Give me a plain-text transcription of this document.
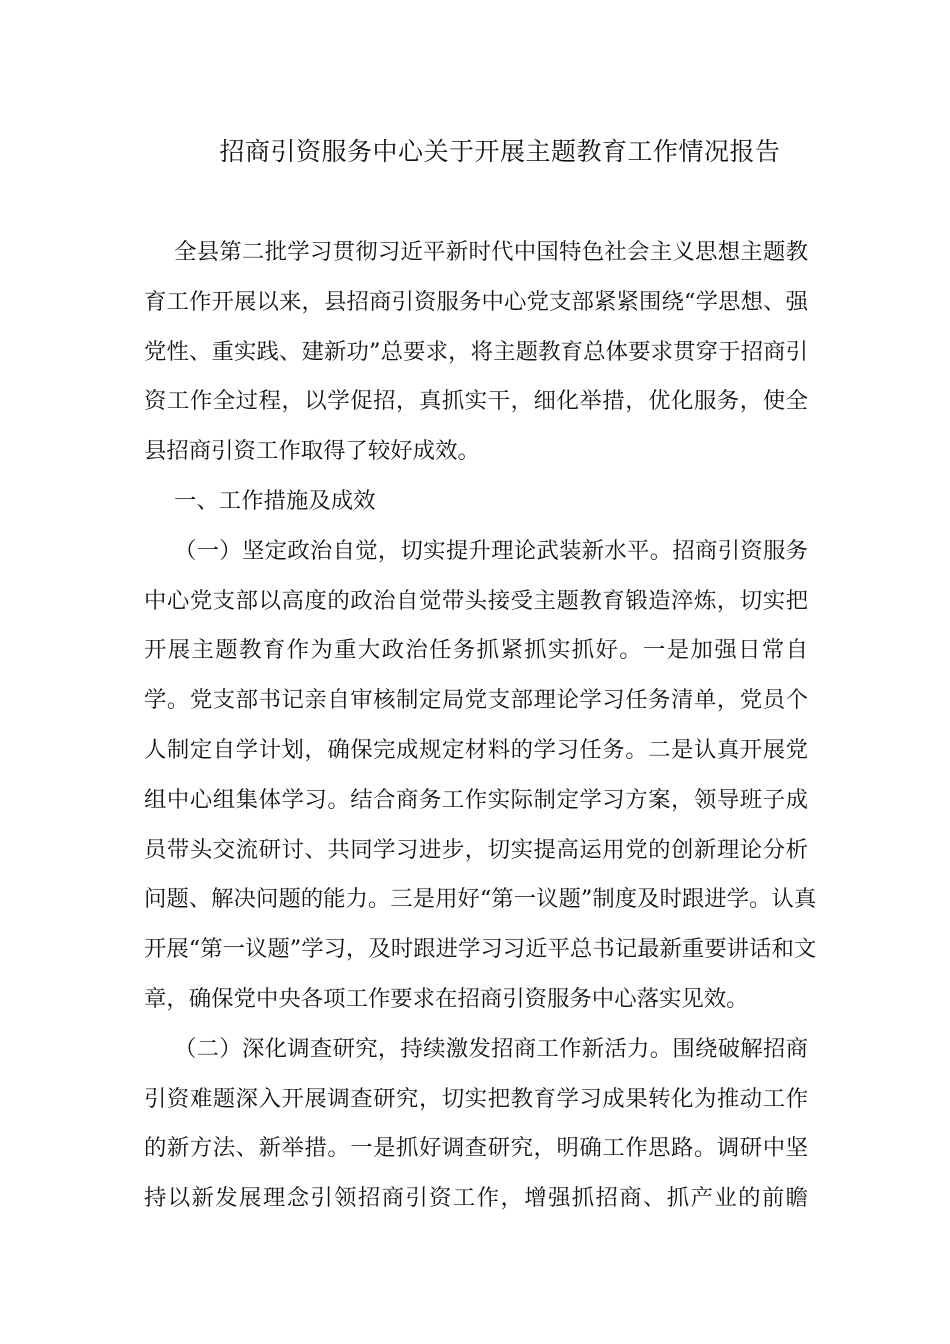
招商引资服务中心关于开展主题教育工作情况报告
全县第二批学习贯彻习近平新时代中国特色社会主义思想主题教
育工作开展以来，县招商引资服务中心党支部紧紧围绕“学思想、强
党性、重实践、建新功”总要求，将主题教育总体要求贯穿于招商引
资工作全过程，以学促招，真抓实干，细化举措，优化服务，使全
县招商引资工作取得了较好成效。
一、工作措施及成效
（一）坚定政治自觉，切实提升理论武装新水平。招商引资服务
中心党支部以高度的政治自觉带头接受主题教育锻造淬炼，切实把
开展主题教育作为重大政治任务抓紧抓实抓好。一是加强日常自
学。党支部书记亲自审核制定局党支部理论学习任务清单，党员个
人制定自学计划，确保完成规定材料的学习任务。二是认真开展党
组中心组集体学习。结合商务工作实际制定学习方案，领导班子成
员带头交流研讨、共同学习进步，切实提高运用党的创新理论分析
问题、解决问题的能力。三是用好“第一议题”制度及时跟进学。认真
开展“第一议题”学习，及时跟进学习习近平总书记最新重要讲话和文
章，确保党中央各项工作要求在招商引资服务中心落实见效。
（二）深化调查研究，持续激发招商工作新活力。围绕破解招商
引资难题深入开展调查研究，切实把教育学习成果转化为推动工作
的新方法、新举措。一是抓好调查研究，明确工作思路。调研中坚
持以新发展理念引领招商引资工作，增强抓招商、抓产业的前瞻
